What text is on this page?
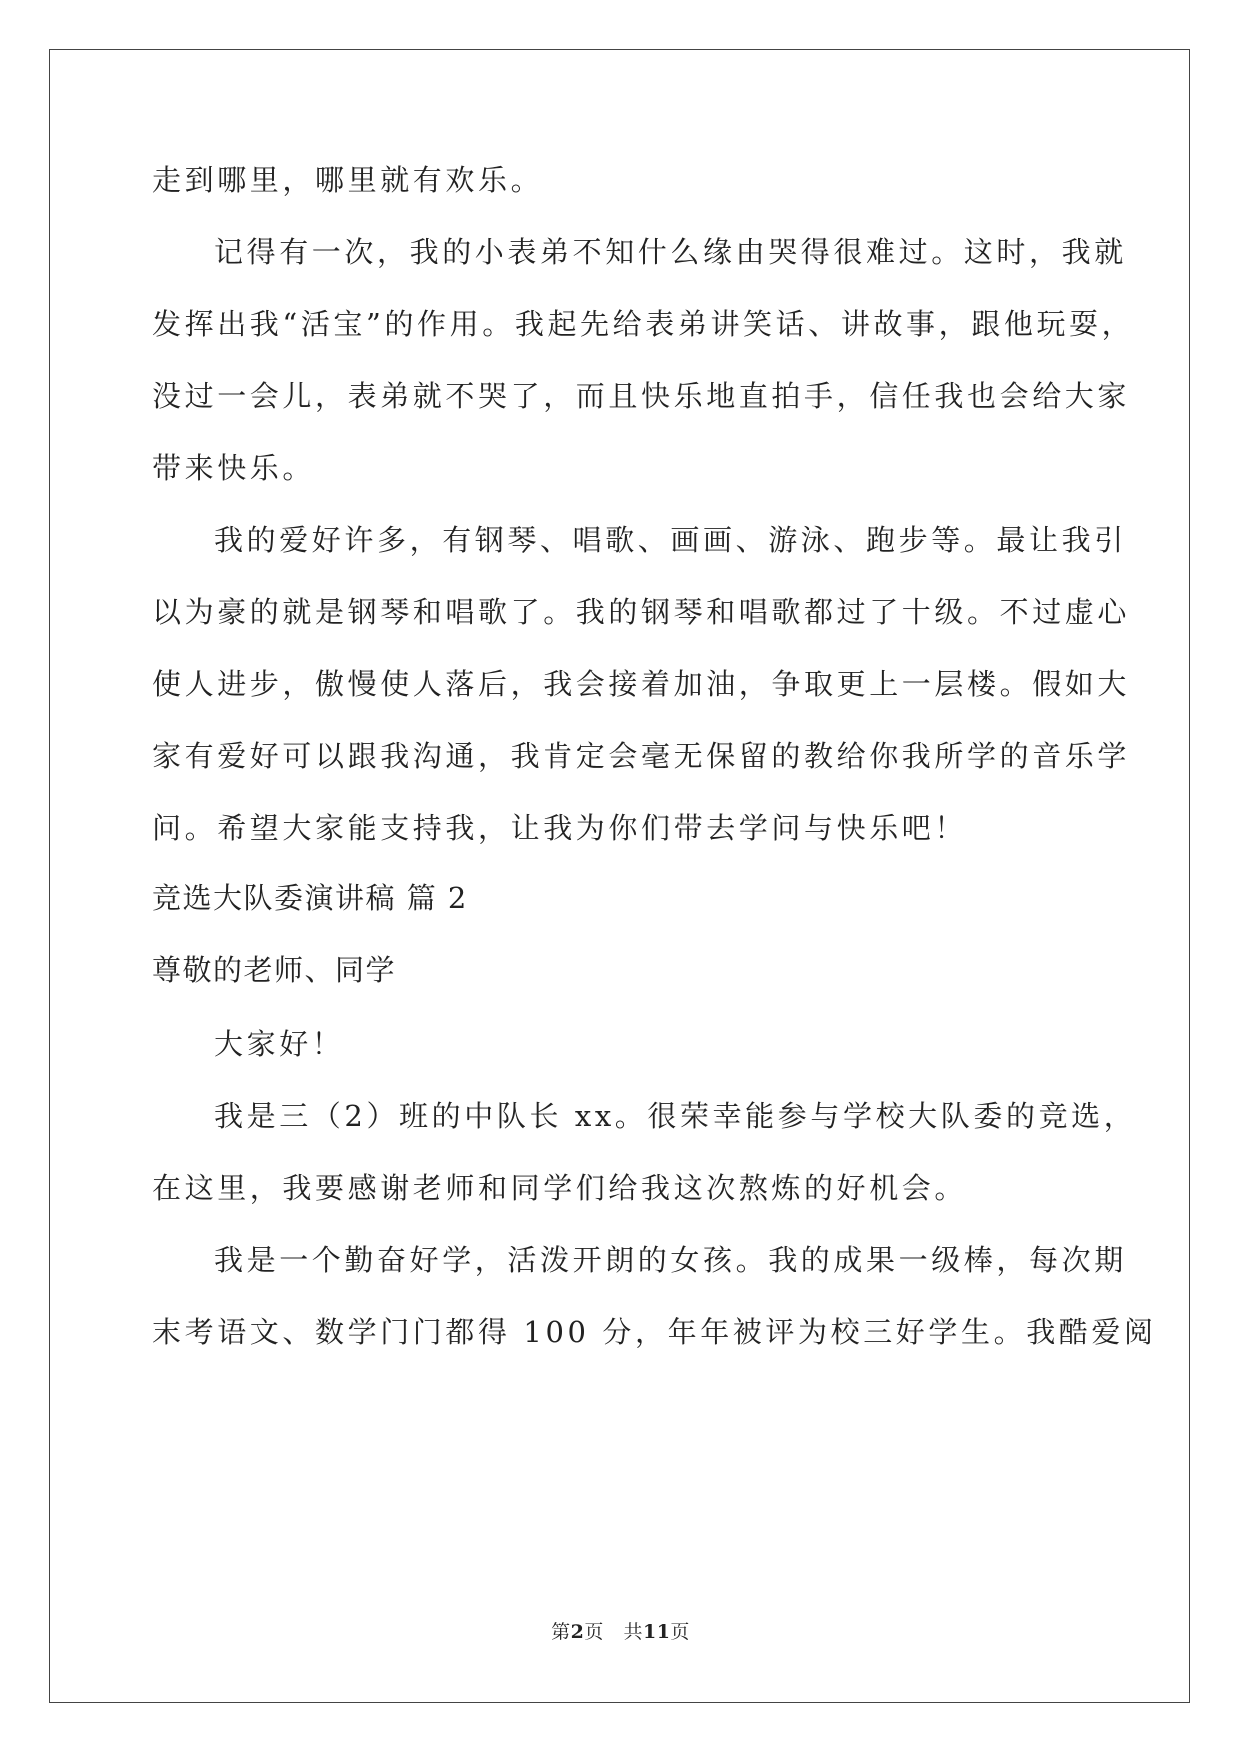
走到哪里，哪里就有欢乐。
记得有一次，我的小表弟不知什么缘由哭得很难过。这时，我就
发挥出我“活宝”的作用。我起先给表弟讲笑话、讲故事，跟他玩耍，
没过一会儿，表弟就不哭了，而且快乐地直拍手，信任我也会给大家
带来快乐。
我的爱好许多，有钢琴、唱歌、画画、游泳、跑步等。最让我引
以为豪的就是钢琴和唱歌了。我的钢琴和唱歌都过了十级。不过虚心
使人进步，傲慢使人落后，我会接着加油，争取更上一层楼。假如大
家有爱好可以跟我沟通，我肯定会毫无保留的教给你我所学的音乐学
问。希望大家能支持我，让我为你们带去学问与快乐吧！
竞选大队委演讲稿 篇 2
尊敬的老师、同学
大家好！
我是三（2）班的中队长 xx。很荣幸能参与学校大队委的竞选，
在这里，我要感谢老师和同学们给我这次熬炼的好机会。
我是一个勤奋好学，活泼开朗的女孩。我的成果一级棒，每次期
末考语文、数学门门都得 100 分，年年被评为校三好学生。我酷爱阅
第2页 共11页
